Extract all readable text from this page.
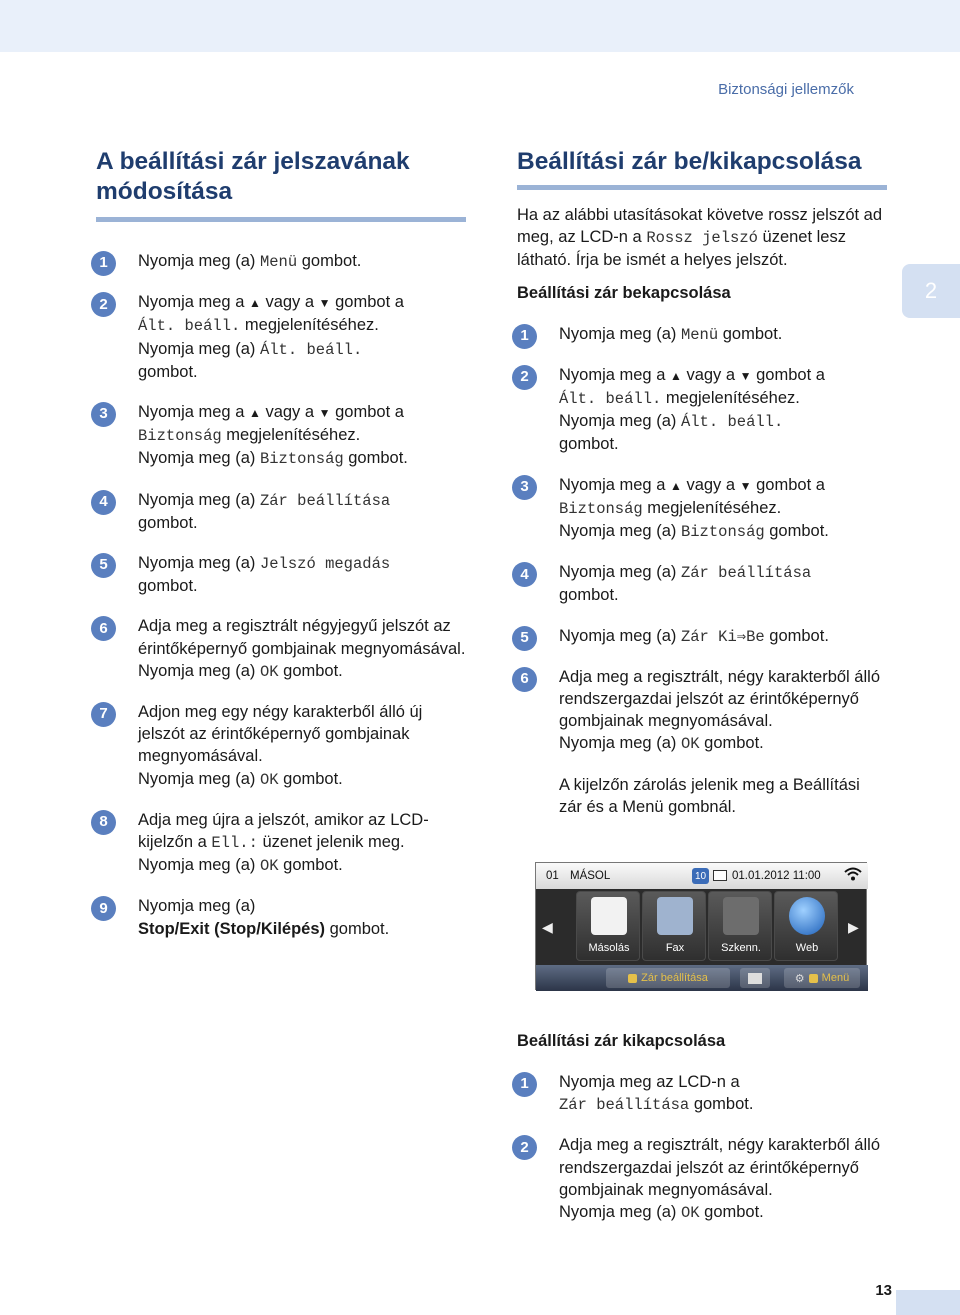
Biztonsági jellemzők
2
A beállítási zár jelszavának módosítása
1	Nyomja meg (a) Menü gombot.
2	Nyomja meg a ▲ vagy a ▼ gombot a
Ált. beáll. megjelenítéséhez.
Nyomja meg (a) Ált. beáll.
gombot.
3	Nyomja meg a ▲ vagy a ▼ gombot a
Biztonság megjelenítéséhez.
Nyomja meg (a) Biztonság gombot.
4	Nyomja meg (a) Zár beállítása
gombot.
5	Nyomja meg (a) Jelszó megadás
gombot.
6	Adja meg a regisztrált négyjegyű jelszót az érintőképernyő gombjainak megnyomásával.
Nyomja meg (a) OK gombot.
7	Adjon meg egy négy karakterből álló új jelszót az érintőképernyő gombjainak megnyomásával.
Nyomja meg (a) OK gombot.
8	Adja meg újra a jelszót, amikor az LCD-kijelzőn a Ell.: üzenet jelenik meg.
Nyomja meg (a) OK gombot.
9	Nyomja meg (a)
Stop/Exit (Stop/Kilépés) gombot.
Beállítási zár be/kikapcsolása

Ha az alábbi utasításokat követve rossz jelszót ad meg, az LCD-n a Rossz jelszó üzenet lesz látható. Írja be ismét a helyes jelszót.

Beállítási zár bekapcsolása
1	Nyomja meg (a) Menü gombot.
2	Nyomja meg a ▲ vagy a ▼ gombot a
Ált. beáll. megjelenítéséhez.
Nyomja meg (a) Ált. beáll.
gombot.
3	Nyomja meg a ▲ vagy a ▼ gombot a
Biztonság megjelenítéséhez.
Nyomja meg (a) Biztonság gombot.
4	Nyomja meg (a) Zár beállítása
gombot.
5	Nyomja meg (a) Zár Ki⇒Be gombot.
6	Adja meg a regisztrált, négy karakterből álló rendszergazdai jelszót az érintőképernyő gombjainak megnyomásával.
Nyomja meg (a) OK gombot.

A kijelzőn zárolás jelenik meg a Beállítási zár és a Menü gombnál.

01 MÁSOL	10 01.01.2012 11:00
◀
Másolás	Fax	Szkenn.	Web
▶
Zár beállítása	⚙ Menü
Beállítási zár kikapcsolása
1	Nyomja meg az LCD-n a
Zár beállítása gombot.
2	Adja meg a regisztrált, négy karakterből álló rendszergazdai jelszót az érintőképernyő gombjainak megnyomásával.
Nyomja meg (a) OK gombot.
13
